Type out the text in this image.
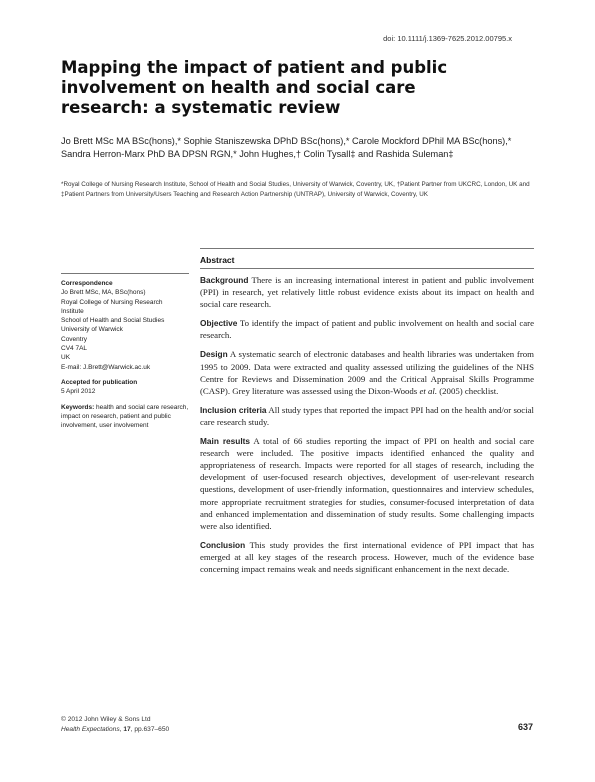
doi: 10.1111/j.1369-7625.2012.00795.x
Mapping the impact of patient and public involvement on health and social care research: a systematic review
Jo Brett MSc MA BSc(hons),* Sophie Staniszewska DPhD BSc(hons),* Carole Mockford DPhil MA BSc(hons),* Sandra Herron-Marx PhD BA DPSN RGN,* John Hughes,† Colin Tysall‡ and Rashida Suleman‡
*Royal College of Nursing Research Institute, School of Health and Social Studies, University of Warwick, Coventry, UK, †Patient Partner from UKCRC, London, UK and ‡Patient Partners from University/Users Teaching and Research Action Partnership (UNTRAP), University of Warwick, Coventry, UK
Abstract
Correspondence
Jo Brett MSc, MA, BSc(hons)
Royal College of Nursing Research
Institute
School of Health and Social Studies
University of Warwick
Coventry
CV4 7AL
UK
E-mail: J.Brett@Warwick.ac.uk
Accepted for publication
5 April 2012
Keywords: health and social care research, impact on research, patient and public involvement, user involvement

Background There is an increasing international interest in patient and public involvement (PPI) in research, yet relatively little robust evidence exists about its impact on health and social care research.

Objective To identify the impact of patient and public involvement on health and social care research.

Design A systematic search of electronic databases and health libraries was undertaken from 1995 to 2009. Data were extracted and quality assessed utilizing the guidelines of the NHS Centre for Reviews and Dissemination 2009 and the Critical Appraisal Skills Programme (CASP). Grey literature was assessed using the Dixon-Woods et al. (2005) checklist.

Inclusion criteria All study types that reported the impact PPI had on the health and/or social care research study.

Main results A total of 66 studies reporting the impact of PPI on health and social care research were included. The positive impacts identified enhanced the quality and appropriateness of research. Impacts were reported for all stages of research, including the development of user-focused research objectives, development of user-relevant research questions, development of user-friendly information, questionnaires and interview schedules, more appropriate recruitment strategies for studies, consumer-focused interpretation of data and enhanced implementation and dissemination of study results. Some challenging impacts were also identified.

Conclusion This study provides the first international evidence of PPI impact that has emerged at all key stages of the research process. However, much of the evidence base concerning impact remains weak and needs significant enhancement in the next decade.

© 2012 John Wiley & Sons Ltd
Health Expectations, 17, pp.637–650	637
